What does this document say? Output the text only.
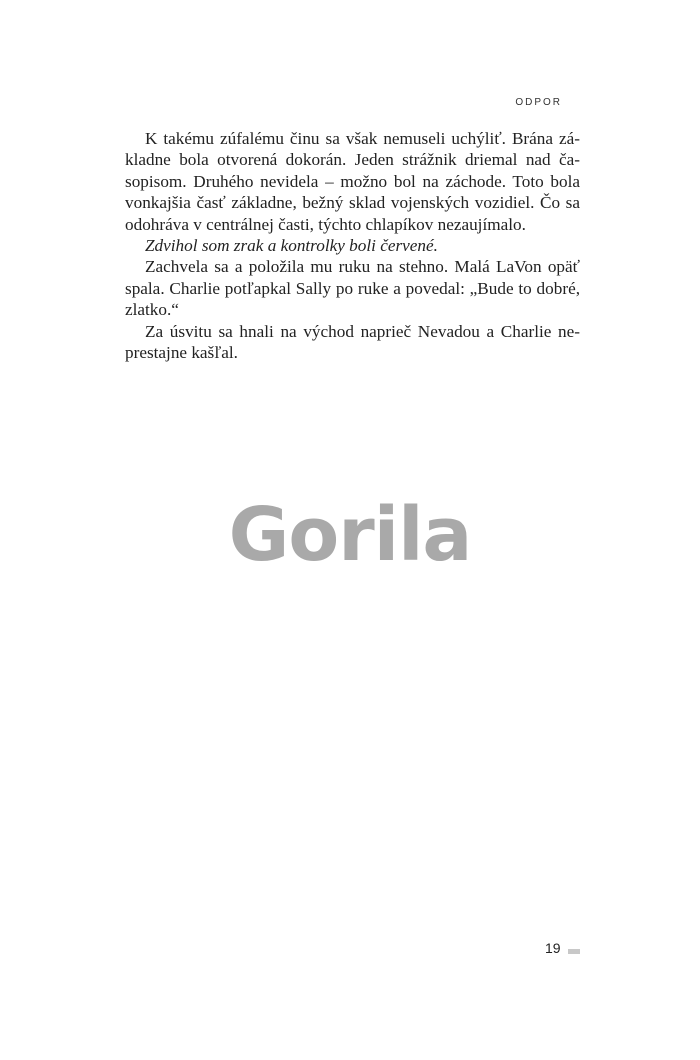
ODPOR

K takému zúfalému činu sa však nemuseli uchýliť. Brána základne bola otvorená dokorán. Jeden strážnik driemal nad časopisom. Druhého nevidela – možno bol na záchode. Toto bola vonkajšia časť základne, bežný sklad vojenských vozidiel. Čo sa odohráva v centrálnej časti, týchto chlapíkov nezaujímalo.

Zdvihol som zrak a kontrolky boli červené.

Zachvela sa a položila mu ruku na stehno. Malá LaVon opäť spala. Charlie potľapkal Sally po ruke a povedal: „Bude to dobré, zlatko.“

Za úsvitu sa hnali na východ naprieč Nevadou a Charlie neprestajne kašľal.

Gorila
19
